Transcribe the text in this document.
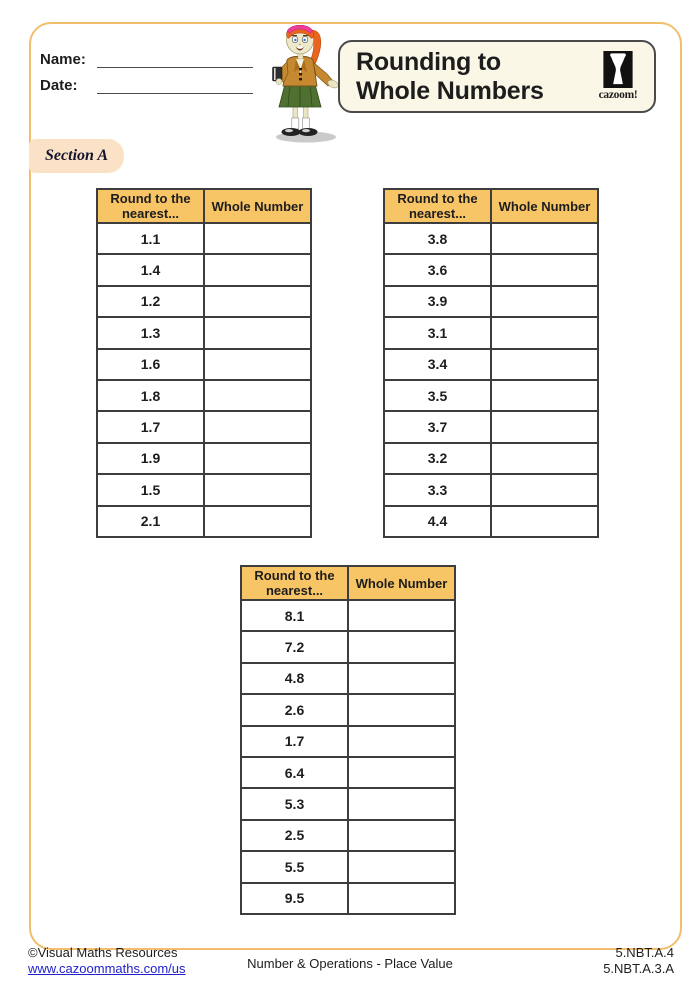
Name:
Date:
Rounding to
Whole Numbers	cazoom!
Section A
Round to the nearest...	Whole Number
1.1	
1.4	
1.2	
1.3	
1.6	
1.8	
1.7	
1.9	
1.5	
2.1	
Round to the nearest...	Whole Number
3.8	
3.6	
3.9	
3.1	
3.4	
3.5	
3.7	
3.2	
3.3	
4.4	
Round to the nearest...	Whole Number
8.1	
7.2	
4.8	
2.6	
1.7	
6.4	
5.3	
2.5	
5.5	
9.5	
©Visual Maths Resources
www.cazoommaths.com/us	Number & Operations - Place Value
5.NBT.A.4
5.NBT.A.3.A
